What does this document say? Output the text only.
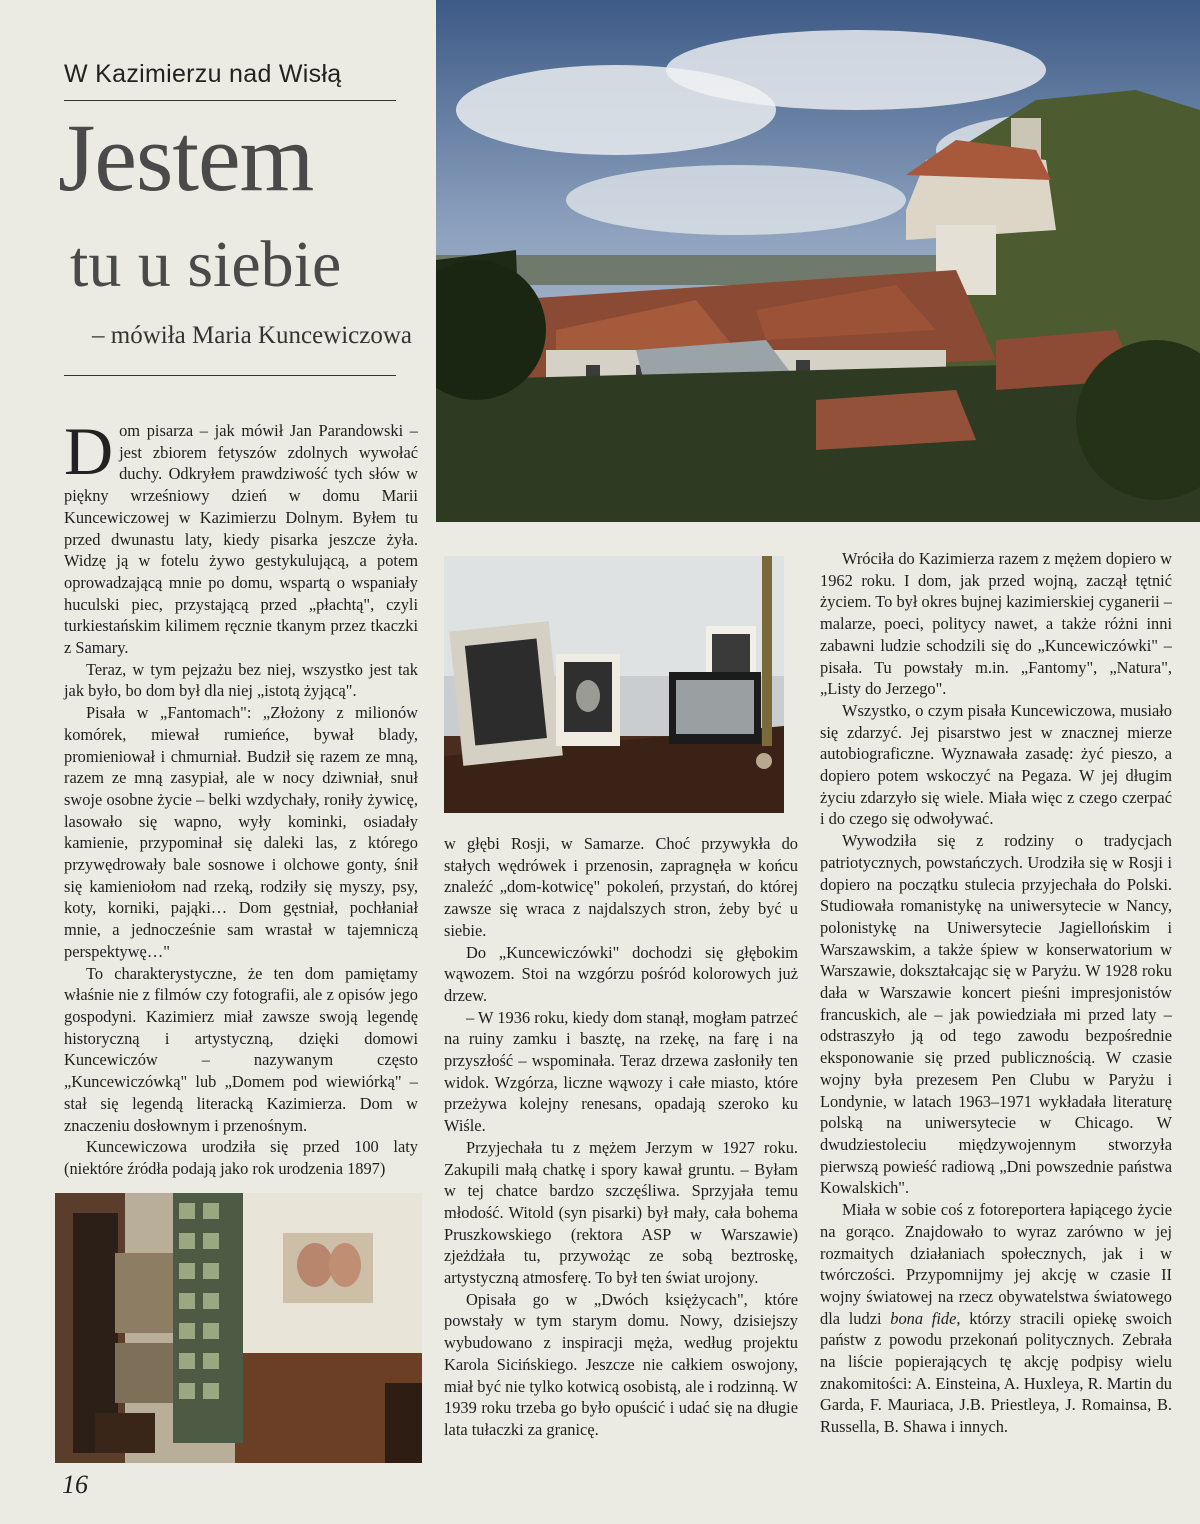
W Kazimierzu nad Wisłą
Jestem
tu u siebie
– mówiła Maria Kuncewiczowa

Dom pisarza – jak mówił Jan Parandowski – jest zbiorem fetyszów zdolnych wywołać duchy. Odkryłem prawdziwość tych słów w piękny wrześniowy dzień w domu Marii Kuncewiczowej w Kazimierzu Dolnym. Byłem tu przed dwunastu laty, kiedy pisarka jeszcze żyła. Widzę ją w fotelu żywo gestykulującą, a potem oprowadzającą mnie po domu, wspartą o wspaniały huculski piec, przystającą przed „płachtą", czyli turkiestańskim kilimem ręcznie tkanym przez tkaczki z Samary.

Teraz, w tym pejzażu bez niej, wszystko jest tak jak było, bo dom był dla niej „istotą żyjącą".

Pisała w „Fantomach": „Złożony z milionów komórek, miewał rumieńce, bywał blady, promieniował i chmurniał. Budził się razem ze mną, razem ze mną zasypiał, ale w nocy dziwniał, snuł swoje osobne życie – belki wzdychały, roniły żywicę, lasowało się wapno, wyły kominki, osiadały kamienie, przypominał się daleki las, z którego przywędrowały bale sosnowe i olchowe gonty, śnił się kamieniołom nad rzeką, rodziły się myszy, psy, koty, korniki, pająki… Dom gęstniał, pochłaniał mnie, a jednocześnie sam wrastał w tajemniczą perspektywę…"

To charakterystyczne, że ten dom pamiętamy właśnie nie z filmów czy fotografii, ale z opisów jego gospodyni. Kazimierz miał zawsze swoją legendę historyczną i artystyczną, dzięki domowi Kuncewiczów – nazywanym często „Kuncewiczówką" lub „Domem pod wiewiórką" – stał się legendą literacką Kazimierza. Dom w znaczeniu dosłownym i przenośnym.

Kuncewiczowa urodziła się przed 100 laty (niektóre źródła podają jako rok urodzenia 1897)

w głębi Rosji, w Samarze. Choć przywykła do stałych wędrówek i przenosin, zapragnęła w końcu znaleźć „dom-kotwicę" pokoleń, przystań, do której zawsze się wraca z najdalszych stron, żeby być u siebie.

Do „Kuncewiczówki" dochodzi się głębokim wąwozem. Stoi na wzgórzu pośród kolorowych już drzew.

– W 1936 roku, kiedy dom stanął, mogłam patrzeć na ruiny zamku i basztę, na rzekę, na farę i na przyszłość – wspominała. Teraz drzewa zasłoniły ten widok. Wzgórza, liczne wąwozy i całe miasto, które przeżywa kolejny renesans, opadają szeroko ku Wiśle.

Przyjechała tu z mężem Jerzym w 1927 roku. Zakupili małą chatkę i spory kawał gruntu. – Byłam w tej chatce bardzo szczęśliwa. Sprzyjała temu młodość. Witold (syn pisarki) był mały, cała bohema Pruszkowskiego (rektora ASP w Warszawie) zjeżdżała tu, przywożąc ze sobą beztroskę, artystyczną atmosferę. To był ten świat urojony.

Opisała go w „Dwóch księżycach", które powstały w tym starym domu. Nowy, dzisiejszy wybudowano z inspiracji męża, według projektu Karola Sicińskiego. Jeszcze nie całkiem oswojony, miał być nie tylko kotwicą osobistą, ale i rodzinną. W 1939 roku trzeba go było opuścić i udać się na długie lata tułaczki za granicę.

Wróciła do Kazimierza razem z mężem dopiero w 1962 roku. I dom, jak przed wojną, zaczął tętnić życiem. To był okres bujnej kazimierskiej cyganerii – malarze, poeci, politycy nawet, a także różni inni zabawni ludzie schodzili się do „Kuncewiczówki" – pisała. Tu powstały m.in. „Fantomy", „Natura", „Listy do Jerzego".

Wszystko, o czym pisała Kuncewiczowa, musiało się zdarzyć. Jej pisarstwo jest w znacznej mierze autobiograficzne. Wyznawała zasadę: żyć pieszo, a dopiero potem wskoczyć na Pegaza. W jej długim życiu zdarzyło się wiele. Miała więc z czego czerpać i do czego się odwoływać.

Wywodziła się z rodziny o tradycjach patriotycznych, powstańczych. Urodziła się w Rosji i dopiero na początku stulecia przyjechała do Polski. Studiowała romanistykę na uniwersytecie w Nancy, polonistykę na Uniwersytecie Jagiellońskim i Warszawskim, a także śpiew w konserwatorium w Warszawie, dokształcając się w Paryżu. W 1928 roku dała w Warszawie koncert pieśni impresjonistów francuskich, ale – jak powiedziała mi przed laty – odstraszyło ją od tego zawodu bezpośrednie eksponowanie się przed publicznością. W czasie wojny była prezesem Pen Clubu w Paryżu i Londynie, w latach 1963–1971 wykładała literaturę polską na uniwersytecie w Chicago. W dwudziestoleciu międzywojennym stworzyła pierwszą powieść radiową „Dni powszednie państwa Kowalskich".

Miała w sobie coś z fotoreportera łapiącego życie na gorąco. Znajdowało to wyraz zarówno w jej rozmaitych działaniach społecznych, jak i w twórczości. Przypomnijmy jej akcję w czasie II wojny światowej na rzecz obywatelstwa światowego dla ludzi bona fide, którzy stracili opiekę swoich państw z powodu przekonań politycznych. Zebrała na liście popierających tę akcję podpisy wielu znakomitości: A. Einsteina, A. Huxleya, R. Martin du Garda, F. Mauriaca, J.B. Priestleya, J. Romainsa, B. Russella, B. Shawa i innych.

16
